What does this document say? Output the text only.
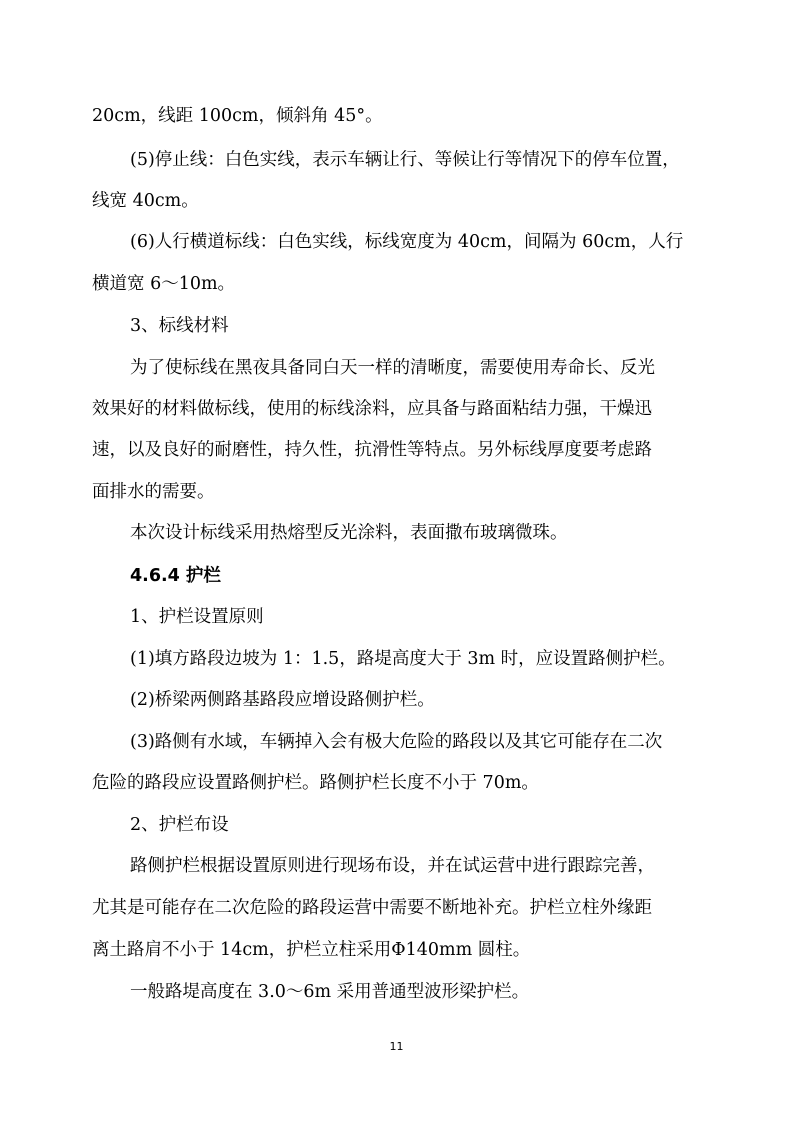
20cm，线距 100cm，倾斜角 45°。
(5)停止线：白色实线，表示车辆让行、等候让行等情况下的停车位置，
线宽 40cm。
(6)人行横道标线：白色实线，标线宽度为 40cm，间隔为 60cm，人行
横道宽 6～10m。
3、标线材料
为了使标线在黑夜具备同白天一样的清晰度，需要使用寿命长、反光
效果好的材料做标线，使用的标线涂料，应具备与路面粘结力强，干燥迅
速，以及良好的耐磨性，持久性，抗滑性等特点。另外标线厚度要考虑路
面排水的需要。
本次设计标线采用热熔型反光涂料，表面撒布玻璃微珠。
4.6.4 护栏
1、护栏设置原则
(1)填方路段边坡为 1：1.5，路堤高度大于 3m 时，应设置路侧护栏。
(2)桥梁两侧路基路段应增设路侧护栏。
(3)路侧有水域，车辆掉入会有极大危险的路段以及其它可能存在二次
危险的路段应设置路侧护栏。路侧护栏长度不小于 70m。
2、护栏布设
路侧护栏根据设置原则进行现场布设，并在试运营中进行跟踪完善，
尤其是可能存在二次危险的路段运营中需要不断地补充。护栏立柱外缘距
离土路肩不小于 14cm，护栏立柱采用Φ140mm 圆柱。
一般路堤高度在 3.0～6m 采用普通型波形梁护栏。
11
